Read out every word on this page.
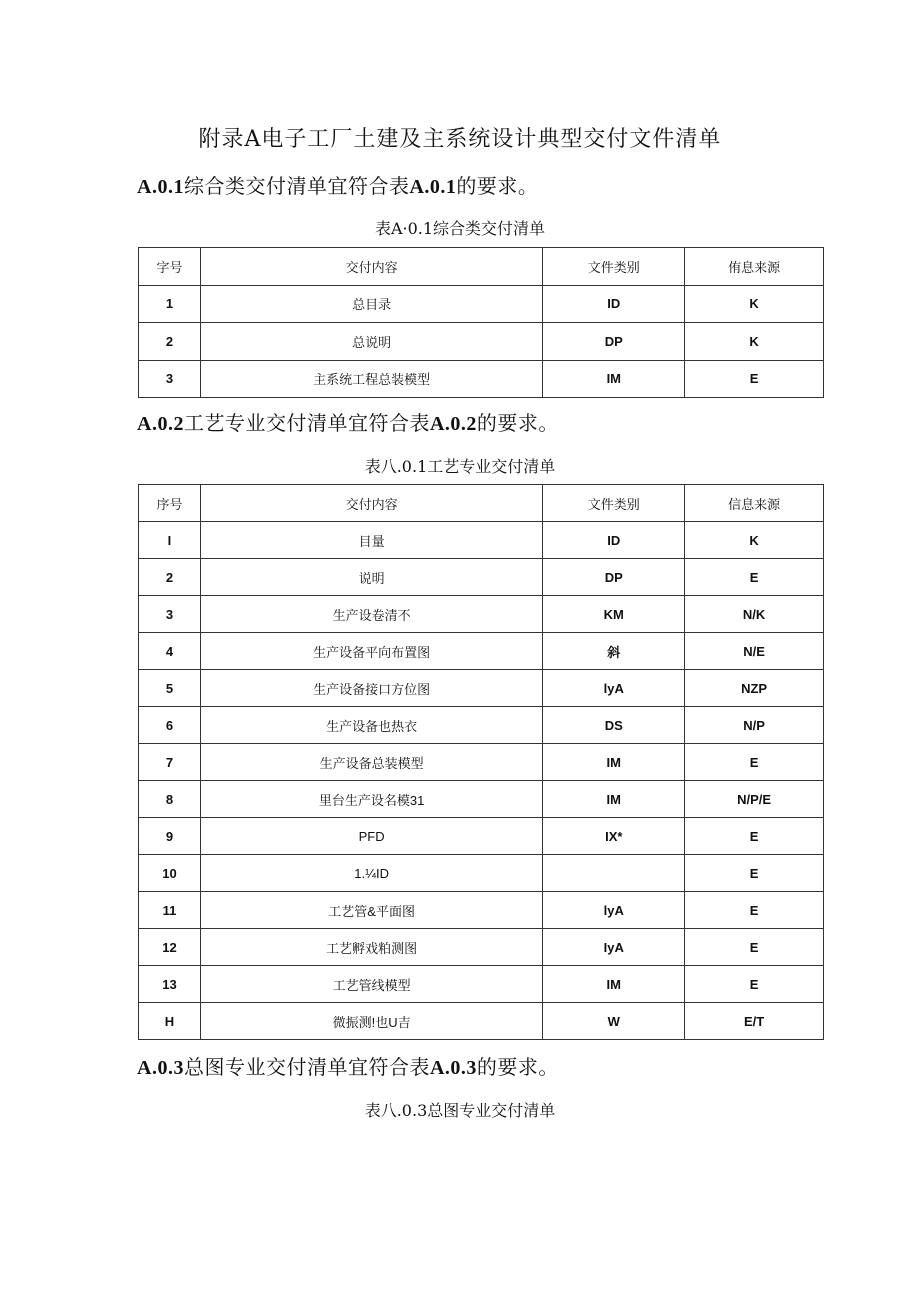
附录A电子工厂土建及主系统设计典型交付文件清单
A.0.1综合类交付清单宜符合表A.0.1的要求。
表A·0.1综合类交付清单
字号	交付内容	文件类别	侑息来源
1	总目录	ID	K
2	总说明	DP	K
3	主系统工程总装模型	IM	E
A.0.2工艺专业交付清单宜符合表A.0.2的要求。
表八.0.1工艺专业交付清单
序号	交付内容	文件类别	信息来源
I	目量	ID	K
2	说明	DP	E
3	生产设卷清不	KM	N/K
4	生产设备平向布置图	斜	N/E
5	生产设备接口方位图	lyA	NZP
6	生产设备也热衣	DS	N/P
7	生产设备总装模型	IM	E
8	里台生产设名模31	IM	N/P/E
9	PFD	IX*	E
10	1.¼ID		E
11	工艺管&平面图	lyA	E
12	工艺孵戏粕测图	IyA	E
13	工艺管线模型	IM	E
H	微振测!也U吉	W	E/T
A.0.3总图专业交付清单宜符合表A.0.3的要求。
表八.0.3总图专业交付清单
